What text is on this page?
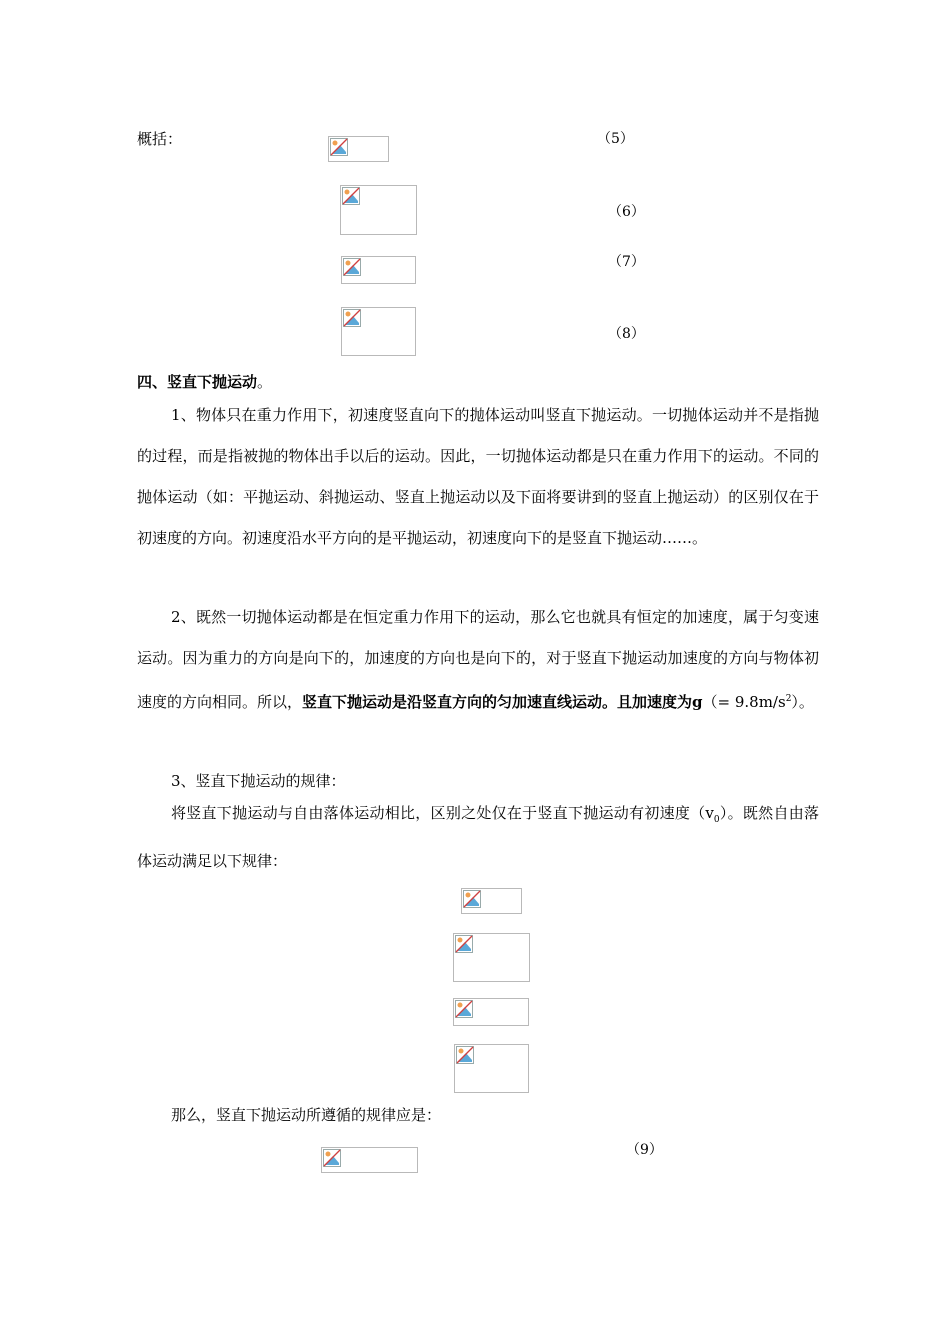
概括：	（5）
（6）
（7）
（8）
四、竖直下抛运动。
1、物体只在重力作用下，初速度竖直向下的抛体运动叫竖直下抛运动。一切抛体运动并不是指抛的过程，而是指被抛的物体出手以后的运动。因此，一切抛体运动都是只在重力作用下的运动。不同的抛体运动（如：平抛运动、斜抛运动、竖直上抛运动以及下面将要讲到的竖直上抛运动）的区别仅在于初速度的方向。初速度沿水平方向的是平抛运动，初速度向下的是竖直下抛运动……。
2、既然一切抛体运动都是在恒定重力作用下的运动，那么它也就具有恒定的加速度，属于匀变速运动。因为重力的方向是向下的，加速度的方向也是向下的，对于竖直下抛运动加速度的方向与物体初速度的方向相同。所以，竖直下抛运动是沿竖直方向的匀加速直线运动。且加速度为$g(= 9.8m/s^2)$。
3、竖直下抛运动的规律：
将竖直下抛运动与自由落体运动相比，区别之处仅在于竖直下抛运动有初速度$(v_0)$。既然自由落体运动满足以下规律：
那么，竖直下抛运动所遵循的规律应是：
（9）
